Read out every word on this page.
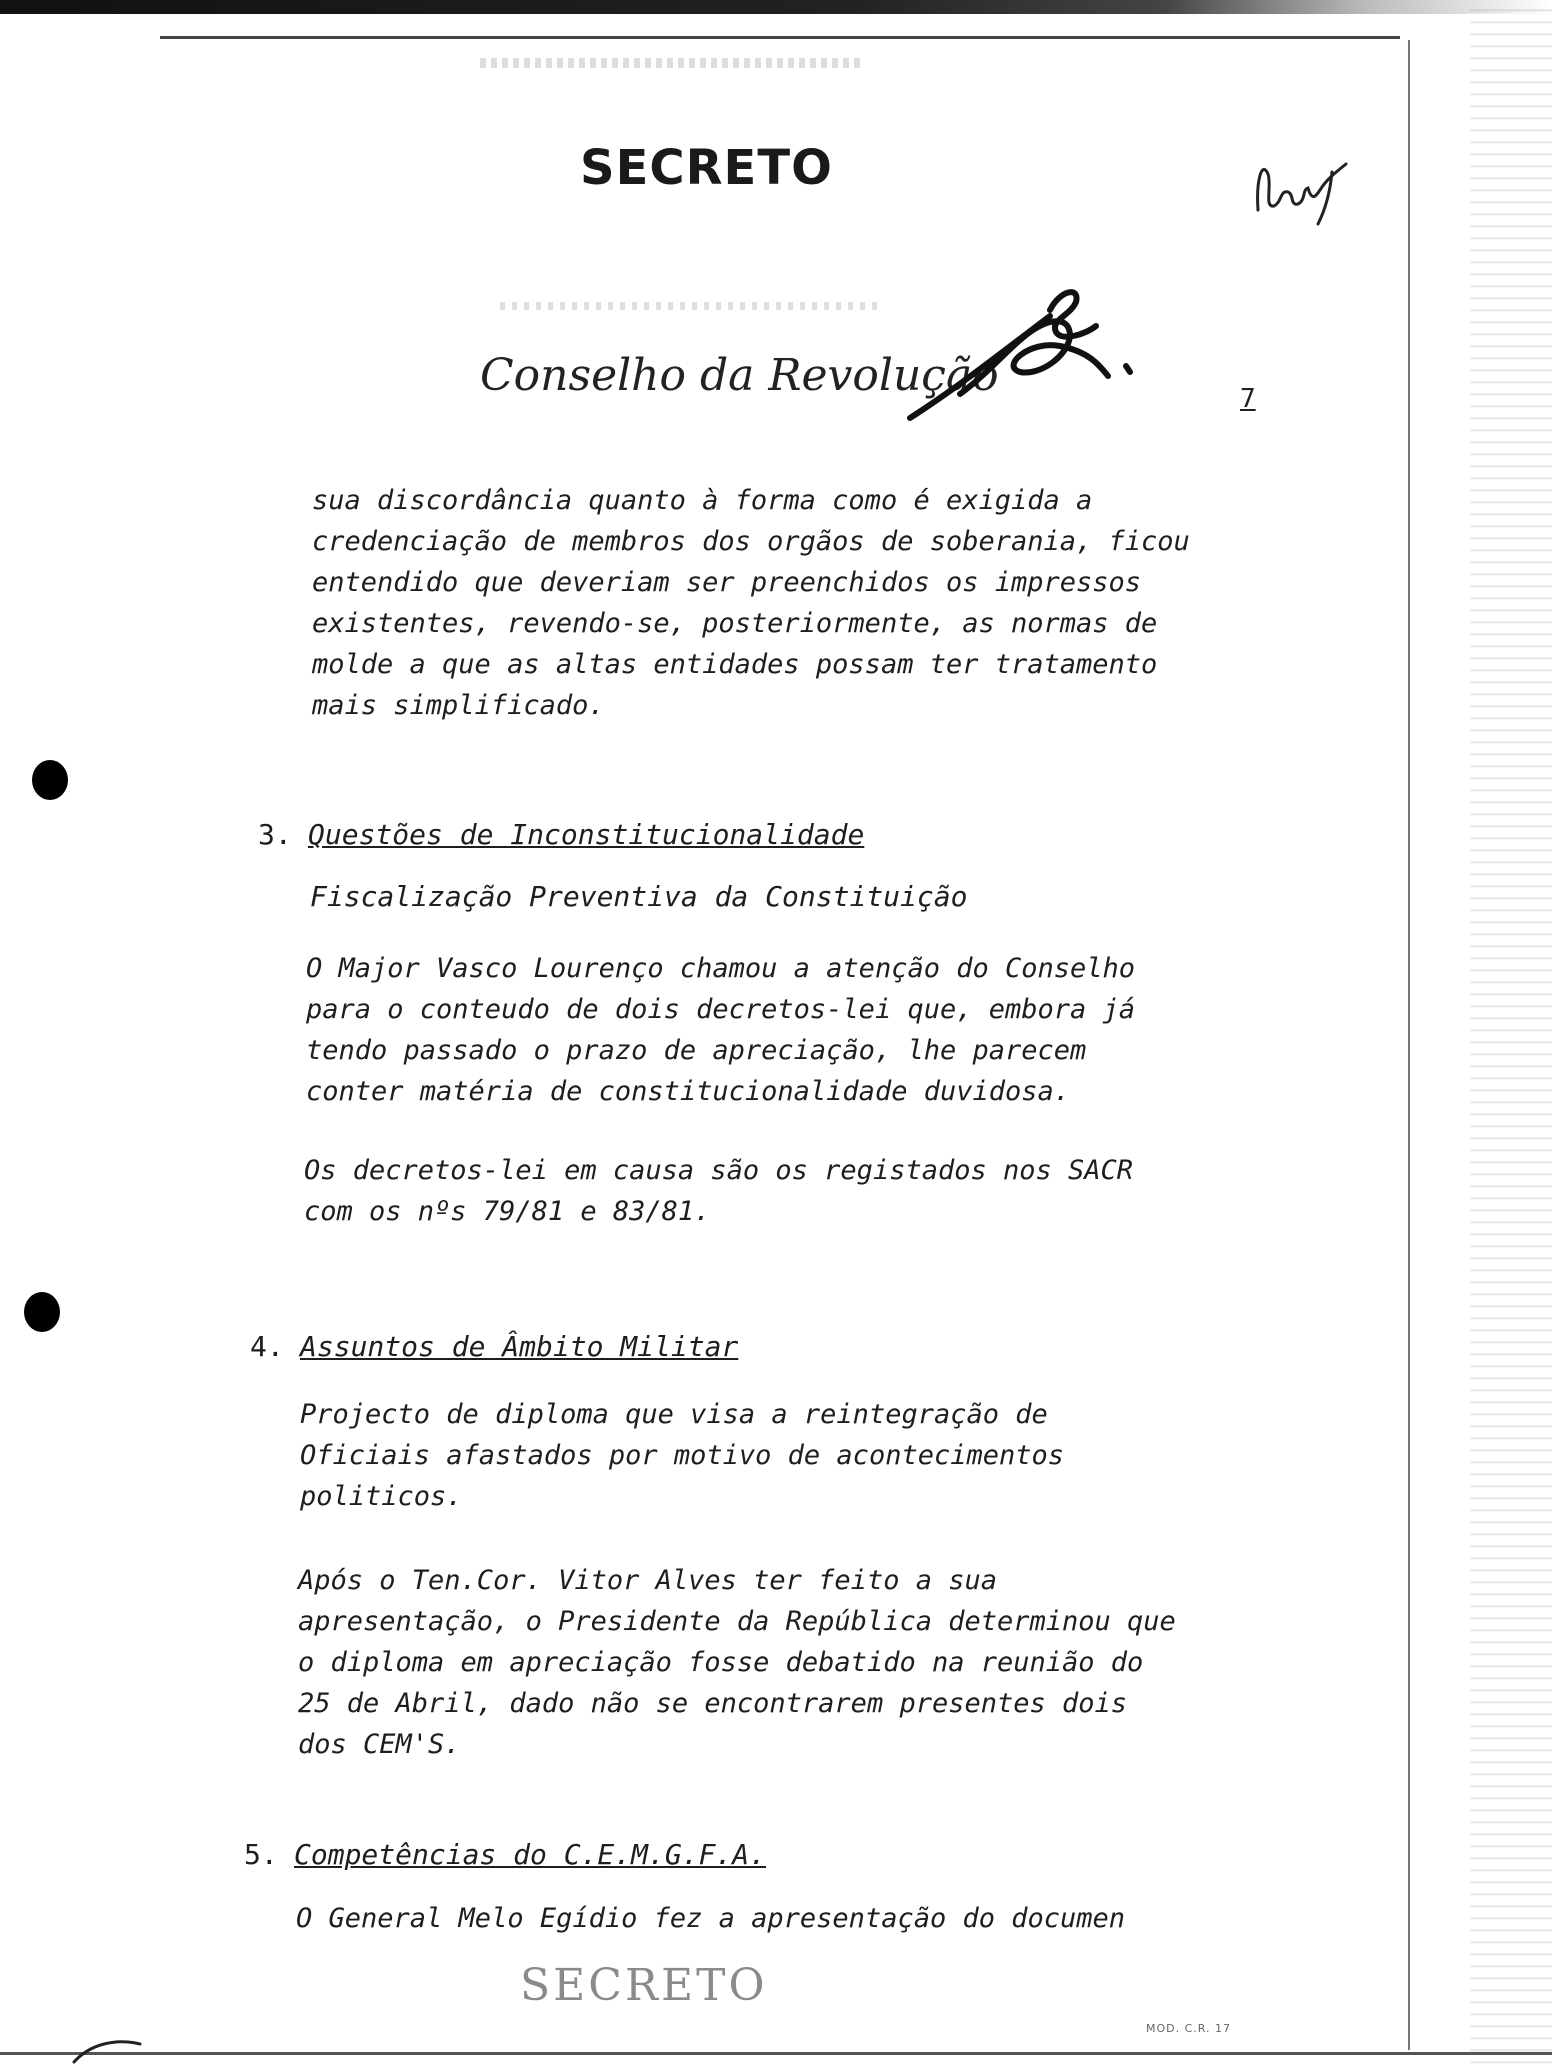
SECRETO
Conselho da Revolução	7

sua discordância quanto à forma como é exigida a credenciação de membros dos orgãos de soberania, ficou entendido que deveriam ser preenchidos os impressos existentes, revendo-se, posteriormente, as normas de molde a que as altas entidades possam ter tratamento mais simplificado.

3. Questões de Inconstitucionalidade
Fiscalização Preventiva da Constituição

O Major Vasco Lourenço chamou a atenção do Conselho para o conteudo de dois decretos-lei que, embora já tendo passado o prazo de apreciação, lhe parecem conter matéria de constitucionalidade duvidosa.

Os decretos-lei em causa são os registados nos SACR com os nºs 79/81 e 83/81.

4. Assuntos de Âmbito Militar

Projecto de diploma que visa a reintegração de Oficiais afastados por motivo de acontecimentos politicos.

Após o Ten.Cor. Vitor Alves ter feito a sua apresentação, o Presidente da República determinou que o diploma em apreciação fosse debatido na reunião do 25 de Abril, dado não se encontrarem presentes dois dos CEM'S.

5. Competências do C.E.M.G.F.A.

O General Melo Egídio fez a apresentação do documen

SECRETO
MOD. C.R. 17
